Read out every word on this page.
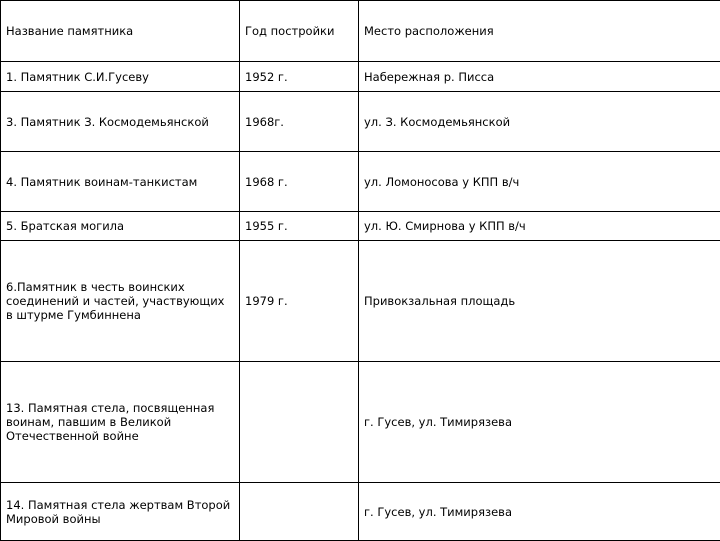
Название памятника	Год постройки	Место расположения
1. Памятник С.И.Гусеву	1952 г.	Набережная р. Писса
3. Памятник З. Космодемьянской	1968г.	ул. З. Космодемьянской
4. Памятник воинам-танкистам	1968 г.	ул. Ломоносова у КПП в/ч
5. Братская могила	1955 г.	ул. Ю. Смирнова у КПП в/ч
6.Памятник в честь воинских соединений и частей, участвующих в штурме Гумбиннена	1979 г.	Привокзальная площадь
13. Памятная стела, посвященная воинам, павшим в Великой Отечественной войне		г. Гусев, ул. Тимирязева
14. Памятная стела жертвам Второй Мировой войны		г. Гусев, ул. Тимирязева
